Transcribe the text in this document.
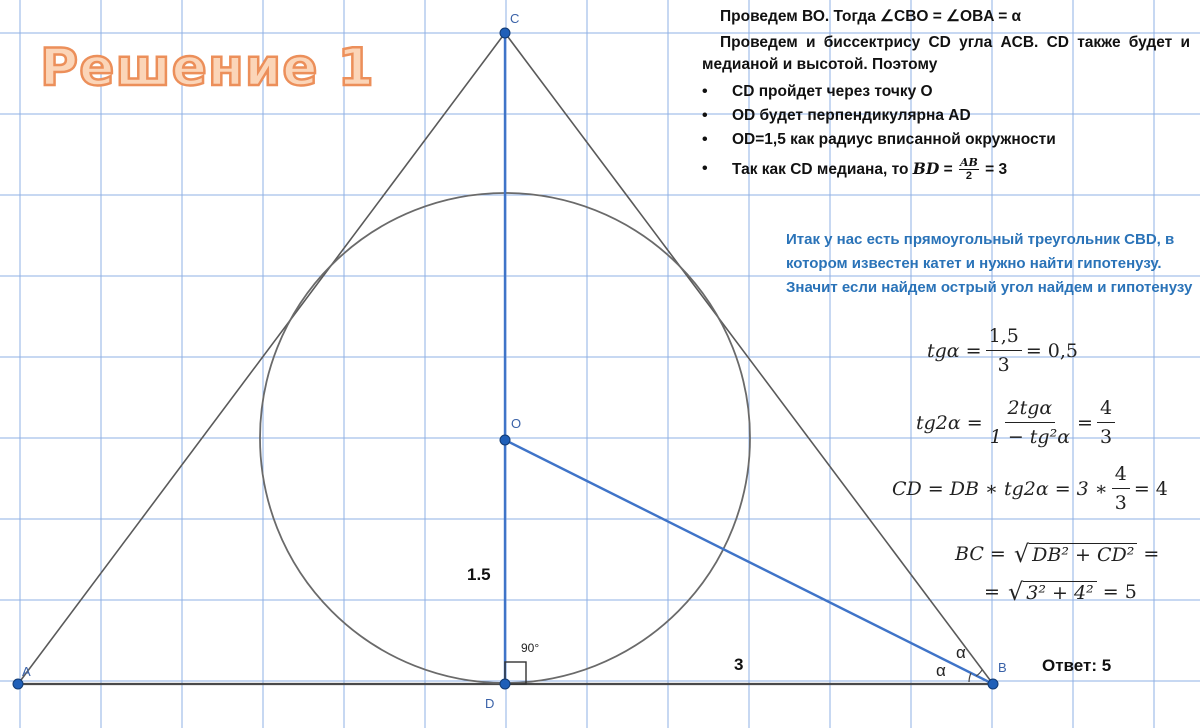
A	B
C
D
O
1.5
3
90°	α
α
Решение 1
Проведем ВО. Тогда ∠CBO = ∠OBA = α
Проведем и биссектрису CD угла ACB. CD также будет и медианой и высотой. Поэтому
• CD пройдет через точку О
• OD будет перпендикулярна AD
• OD=1,5 как радиус вписанной окружности
• Так как CD медиана, то BD = $\frac{AB}{2} = 3$
Итак у нас есть прямоугольный треугольник CBD, в котором известен катет и нужно найти гипотенузу. Значит если найдем острый угол найдем и гипотенузу
$tg\alpha = \frac{1,5}{3} = 0,5$
$tg2\alpha = \frac{\text{2tgα}}{\text{1 − tg²α}} = \frac{4}{3}$
CD = DB ∗ tg2α = 3 ∗ $\frac{4}{3} = 4$
BC = √ DB² + CD² =
= √ 3² + 4² = 5
Ответ: 5
